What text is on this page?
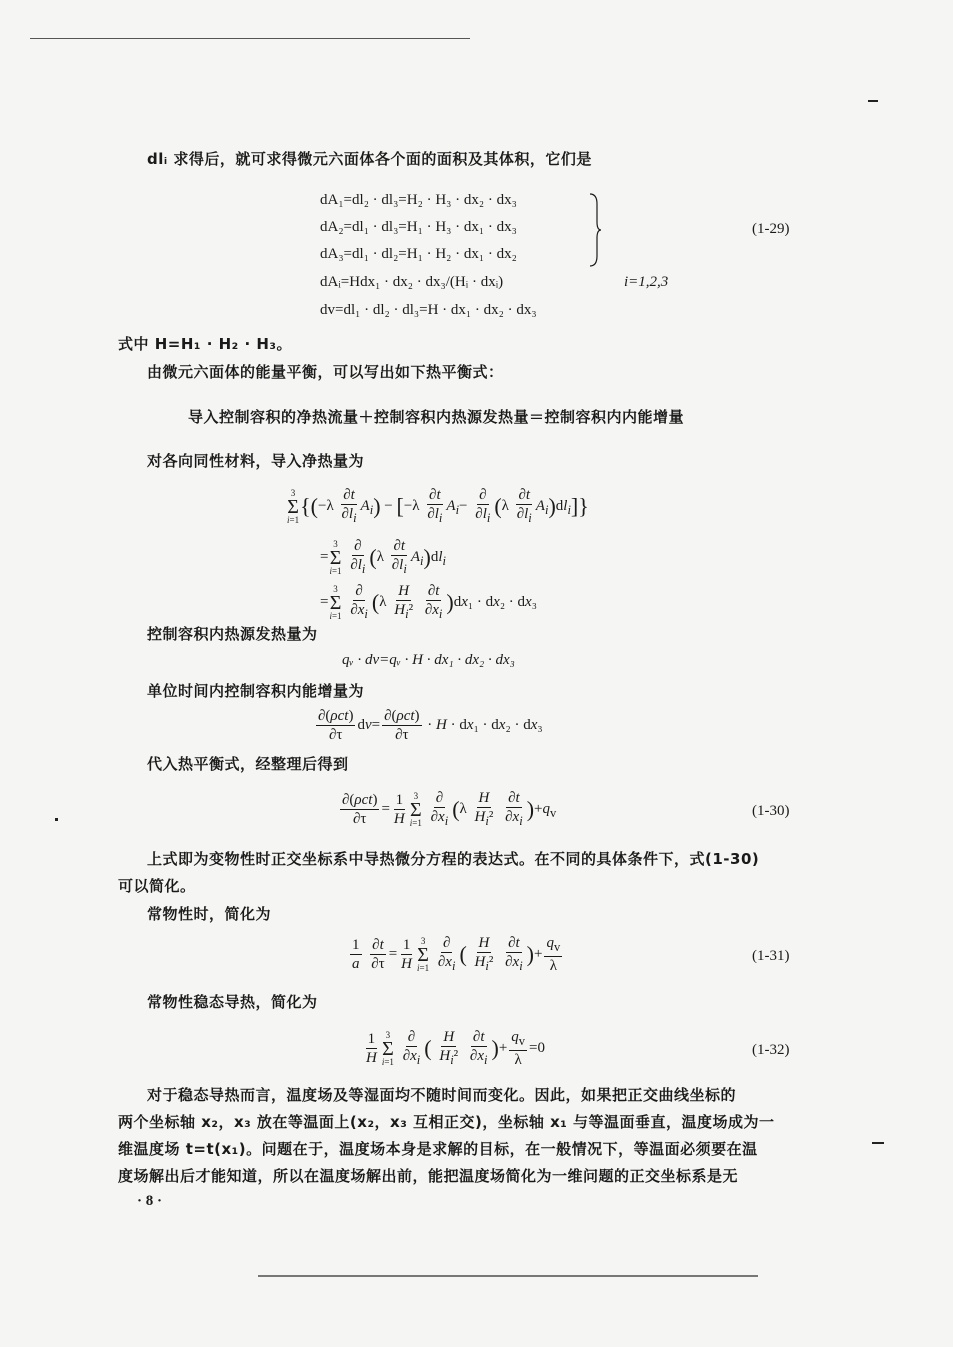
dlᵢ 求得后，就可求得微元六面体各个面的面积及其体积，它们是
dA₁=dl₂ · dl₃=H₂ · H₃ · dx₂ · dx₃
dA₂=dl₁ · dl₃=H₁ · H₃ · dx₁ · dx₃
dA₃=dl₁ · dl₂=H₁ · H₂ · dx₁ · dx₂
dAᵢ=Hdx₁ · dx₂ · dx₃/(Hᵢ · dxᵢ)
dv=dl₁ · dl₂ · dl₃=H · dx₁ · dx₂ · dx₃
i=1,2,3
(1-29)
式中 H=H₁ · H₂ · H₃。
由微元六面体的能量平衡，可以写出如下热平衡式：
导入控制容积的净热流量＋控制容积内热源发热量＝控制容积内内能增量
对各向同性材料，导入净热量为
3
Σ
i=1
{$(-\lambda \frac{\partial t}{\partial l_i} A_i) - [-\lambda \frac{\partial t}{\partial l_i} A_i-$
∂
$\partial l_i$ $(\lambda \frac{\partial t}{\partial l_i} A_i)dl_i$]}
=
3
Σ
i=1

∂
$\partial l_i$ $(\lambda \frac{\partial t}{\partial l_i} A_i)dl_i$
=
3
Σ
i=1

∂
$\partial x_i$ ($\lambda \frac{H}{H_i^2}$
$\frac{\partial t}{\partial x_i} )dx_1 \cdot dx_2 \cdot dx_3$
控制容积内热源发热量为
qᵥ · dv=qᵥ · H · dx₁ · dx₂ · dx₃
单位时间内控制容积内能增量为
∂(ρct)
∂τ
dv=
∂(ρct)
∂τ
· H · dx₁ · dx₂ · dx₃
代入热平衡式，经整理后得到
∂(ρct)
∂τ
= $\frac{1}{H} 3$
Σ
i=1

∂
$\partial x_i$ ($\lambda \frac{H}{H_i^2}$
$\frac{\partial t}{\partial x_i} )+q_v$	(1-30)
上式即为变物性时正交坐标系中导热微分方程的表达式。在不同的具体条件下，式(1-30)
可以简化。
常物性时，简化为
$\frac{1}{a}$
$\frac{\partial t}{\partial\tau} = \frac{1}{H} 3$
Σ
i=1

∂
$\partial x_i$ ( $\frac{H}{H_i^2}$
$\frac{\partial t}{\partial x_i}$ )+ $\frac{q_v}{\lambda}$	(1-31)
常物性稳态导热，简化为
$\frac{1}{H} 3$
Σ
i=1

∂
$\partial x_i$ ( $\frac{H}{H_i^2}$
$\frac{\partial t}{\partial x_i}$ )+ $\frac{q_v}{\lambda} =0$	(1-32)
对于稳态导热而言，温度场及等湿面均不随时间而变化。因此，如果把正交曲线坐标的
两个坐标轴 x₂，x₃ 放在等温面上(x₂，x₃ 互相正交)，坐标轴 x₁ 与等温面垂直，温度场成为一
维温度场 t=t(x₁)。问题在于，温度场本身是求解的目标，在一般情况下，等温面必须要在温
度场解出后才能知道，所以在温度场解出前，能把温度场简化为一维问题的正交坐标系是无
· 8 ·
